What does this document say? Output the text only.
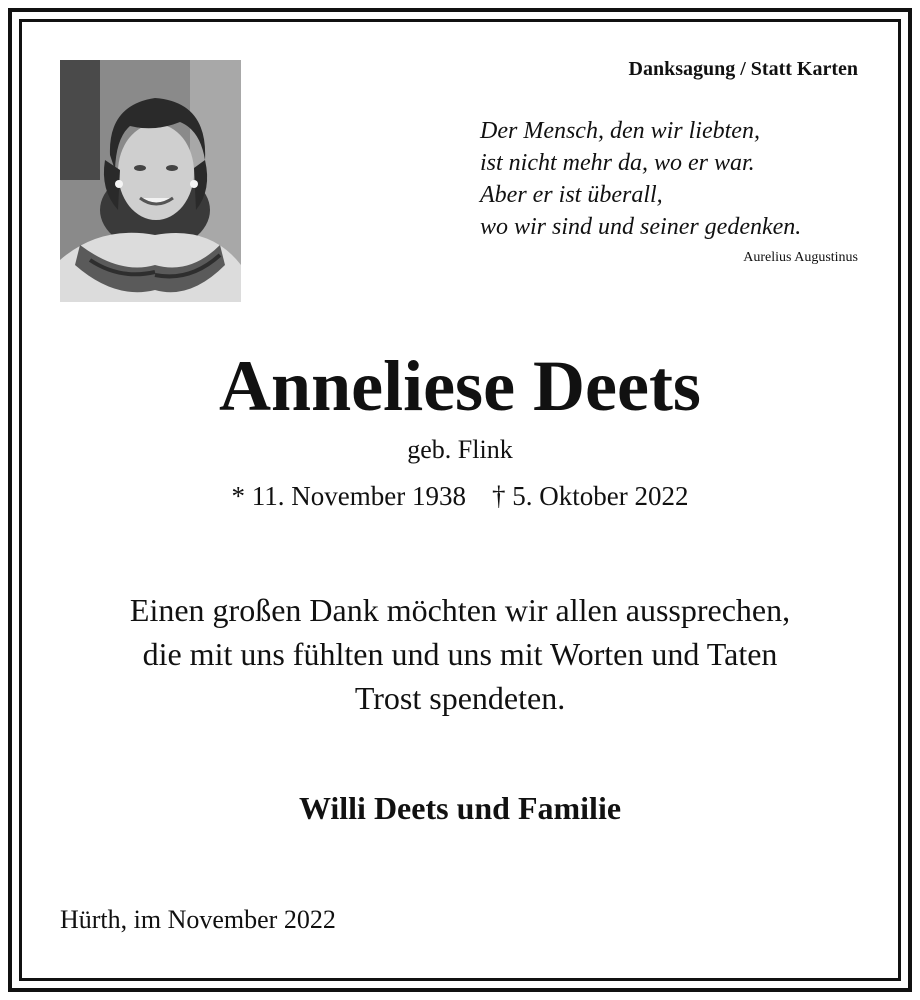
Danksagung / Statt Karten
Der Mensch, den wir liebten,
ist nicht mehr da, wo er war.
Aber er ist überall,
wo wir sind und seiner gedenken.
Aurelius Augustinus
Anneliese Deets
geb. Flink
* 11. November 1938 † 5. Oktober 2022
Einen großen Dank möchten wir allen aussprechen,
die mit uns fühlten und uns mit Worten und Taten
Trost spendeten.
Willi Deets und Familie
Hürth, im November 2022
